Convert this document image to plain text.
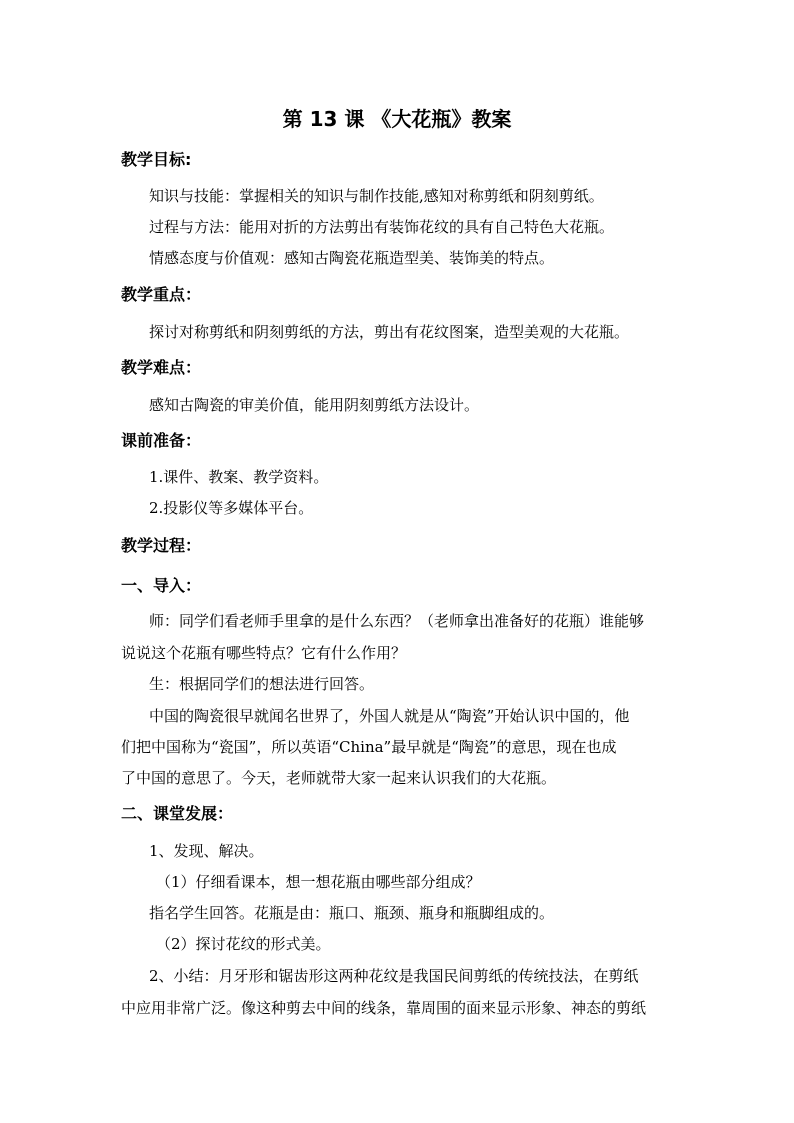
第 13 课 《大花瓶》教案
教学目标:
知识与技能：掌握相关的知识与制作技能,感知对称剪纸和阴刻剪纸。
过程与方法：能用对折的方法剪出有装饰花纹的具有自己特色大花瓶。
情感态度与价值观：感知古陶瓷花瓶造型美、装饰美的特点。
教学重点：
探讨对称剪纸和阴刻剪纸的方法，剪出有花纹图案，造型美观的大花瓶。
教学难点：
感知古陶瓷的审美价值，能用阴刻剪纸方法设计。
课前准备：
1.课件、教案、教学资料。
2.投影仪等多媒体平台。
教学过程：
一、导入：
师：同学们看老师手里拿的是什么东西？（老师拿出准备好的花瓶）谁能够
说说这个花瓶有哪些特点？它有什么作用？
生：根据同学们的想法进行回答。
中国的陶瓷很早就闻名世界了，外国人就是从“陶瓷”开始认识中国的，他
们把中国称为“瓷国”，所以英语“China”最早就是“陶瓷”的意思，现在也成
了中国的意思了。今天，老师就带大家一起来认识我们的大花瓶。
二、课堂发展：
1、发现、解决。
（1）仔细看课本，想一想花瓶由哪些部分组成？
指名学生回答。花瓶是由：瓶口、瓶颈、瓶身和瓶脚组成的。
（2）探讨花纹的形式美。
2、小结：月牙形和锯齿形这两种花纹是我国民间剪纸的传统技法，在剪纸
中应用非常广泛。像这种剪去中间的线条，靠周围的面来显示形象、神态的剪纸
